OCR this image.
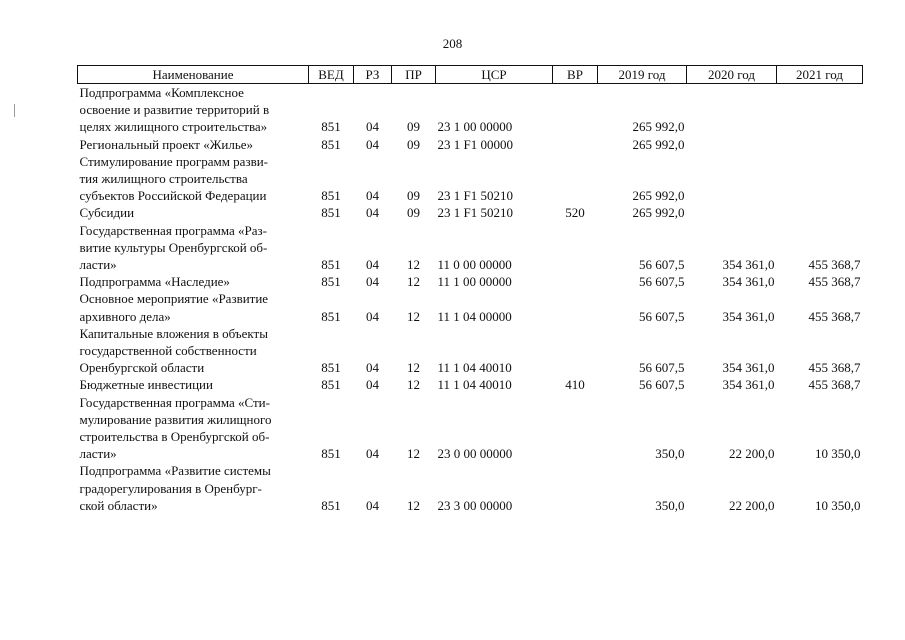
208
Наименование	ВЕД	РЗ	ПР	ЦСР	ВР	2019 год	2020 год	2021 год

Подпрограмма «Комплексное
освоение и развитие территорий в
целях жилищного строительства»	851	04	09	23 1 00 00000		265 992,0		

Региональный проект «Жилье»	851	04	09	23 1 F1 00000		265 992,0		

Стимулирование программ разви-
тия жилищного строительства
субъектов Российской Федерации	851	04	09	23 1 F1 50210		265 992,0		

Субсидии	851	04	09	23 1 F1 50210	520	265 992,0		

Государственная программа «Раз-
витие культуры Оренбургской об-
ласти»	851	04	12	11 0 00 00000		56 607,5	354 361,0	455 368,7

Подпрограмма «Наследие»	851	04	12	11 1 00 00000		56 607,5	354 361,0	455 368,7

Основное мероприятие «Развитие
архивного дела»	851	04	12	11 1 04 00000		56 607,5	354 361,0	455 368,7

Капитальные вложения в объекты
государственной собственности
Оренбургской области	851	04	12	11 1 04 40010		56 607,5	354 361,0	455 368,7

Бюджетные инвестиции	851	04	12	11 1 04 40010	410	56 607,5	354 361,0	455 368,7

Государственная программа «Сти-
мулирование развития жилищного
строительства в Оренбургской об-
ласти»	851	04	12	23 0 00 00000		350,0	22 200,0	10 350,0

Подпрограмма «Развитие системы
градорегулирования в Оренбург-
ской области»	851	04	12	23 3 00 00000		350,0	22 200,0	10 350,0
